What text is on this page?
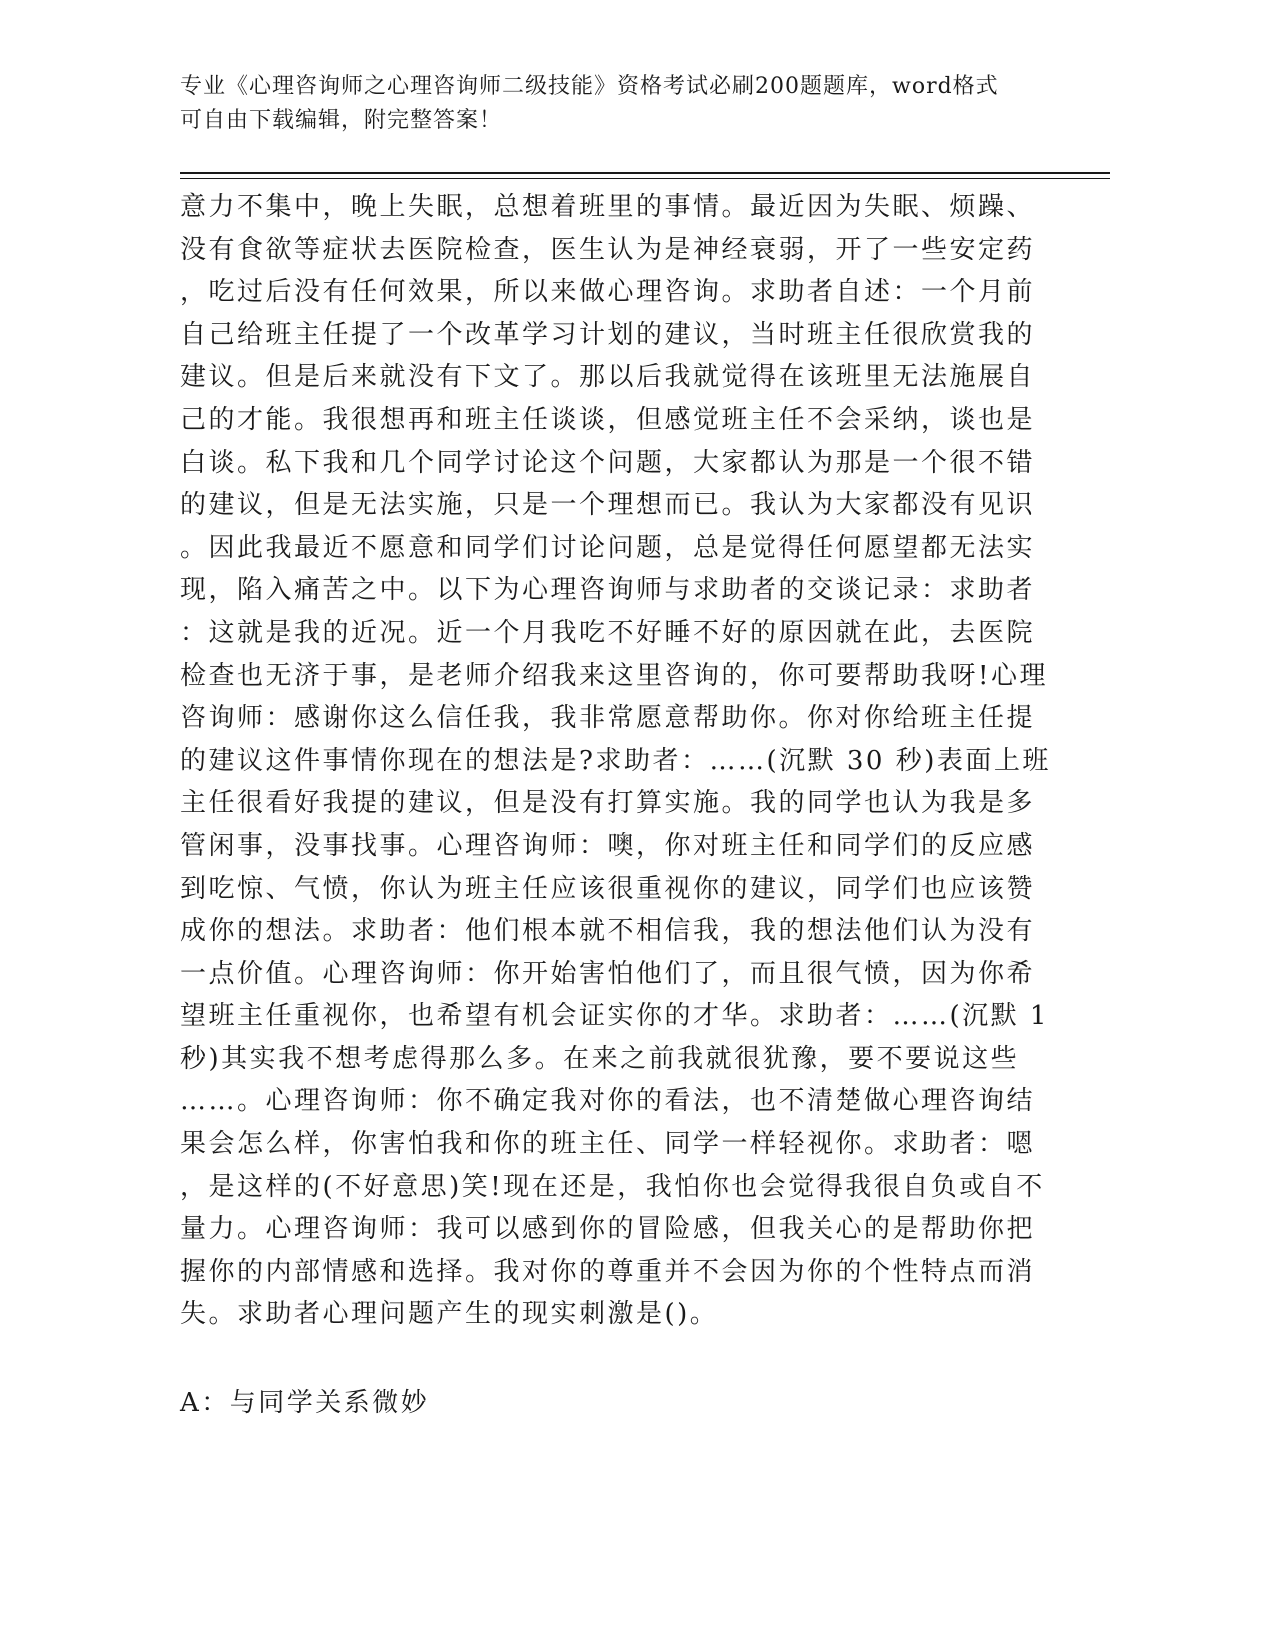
专业《心理咨询师之心理咨询师二级技能》资格考试必刷200题题库，word格式
可自由下载编辑，附完整答案！
意力不集中，晚上失眠，总想着班里的事情。最近因为失眠、烦躁、
没有食欲等症状去医院检查，医生认为是神经衰弱，开了一些安定药
，吃过后没有任何效果，所以来做心理咨询。求助者自述：一个月前
自己给班主任提了一个改革学习计划的建议，当时班主任很欣赏我的
建议。但是后来就没有下文了。那以后我就觉得在该班里无法施展自
己的才能。我很想再和班主任谈谈，但感觉班主任不会采纳，谈也是
白谈。私下我和几个同学讨论这个问题，大家都认为那是一个很不错
的建议，但是无法实施，只是一个理想而已。我认为大家都没有见识
。因此我最近不愿意和同学们讨论问题，总是觉得任何愿望都无法实
现，陷入痛苦之中。以下为心理咨询师与求助者的交谈记录：求助者
：这就是我的近况。近一个月我吃不好睡不好的原因就在此，去医院
检查也无济于事，是老师介绍我来这里咨询的，你可要帮助我呀!心理
咨询师：感谢你这么信任我，我非常愿意帮助你。你对你给班主任提
的建议这件事情你现在的想法是?求助者：……(沉默 30 秒)表面上班
主任很看好我提的建议，但是没有打算实施。我的同学也认为我是多
管闲事，没事找事。心理咨询师：噢，你对班主任和同学们的反应感
到吃惊、气愤，你认为班主任应该很重视你的建议，同学们也应该赞
成你的想法。求助者：他们根本就不相信我，我的想法他们认为没有
一点价值。心理咨询师：你开始害怕他们了，而且很气愤，因为你希
望班主任重视你，也希望有机会证实你的才华。求助者：……(沉默 1
秒)其实我不想考虑得那么多。在来之前我就很犹豫，要不要说这些
……。心理咨询师：你不确定我对你的看法，也不清楚做心理咨询结
果会怎么样，你害怕我和你的班主任、同学一样轻视你。求助者：嗯
，是这样的(不好意思)笑!现在还是，我怕你也会觉得我很自负或自不
量力。心理咨询师：我可以感到你的冒险感，但我关心的是帮助你把
握你的内部情感和选择。我对你的尊重并不会因为你的个性特点而消
失。求助者心理问题产生的现实刺激是()。
A：与同学关系微妙
